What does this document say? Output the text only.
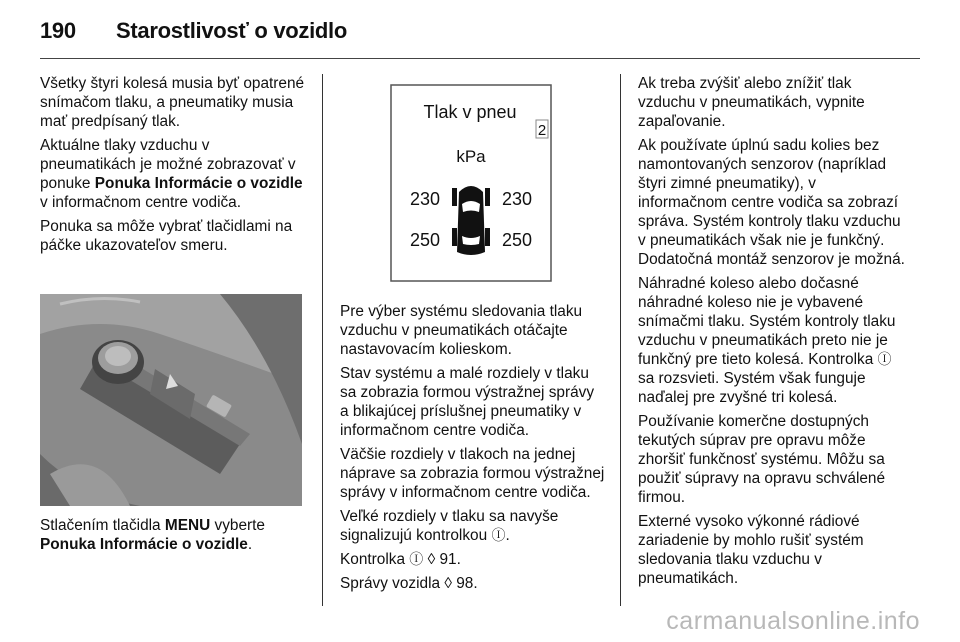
190 Starostlivosť o vozidlo

Všetky štyri kolesá musia byť opatrené snímačom tlaku, a pneumatiky musia mať predpísaný tlak.

Aktuálne tlaky vzduchu v pneumatikách je možné zobrazovať v ponuke Ponuka Informácie o vozidle v informačnom centre vodiča.

Ponuka sa môže vybrať tlačidlami na páčke ukazovateľov smeru.

Stlačením tlačidla MENU vyberte Ponuka Informácie o vozidle.
Tlak v pneu
2
kPa
230	230
250	250

Pre výber systému sledovania tlaku vzduchu v pneumatikách otáčajte nastavovacím kolieskom.

Stav systému a malé rozdiely v tlaku sa zobrazia formou výstražnej správy a blikajúcej príslušnej pneumatiky v informačnom centre vodiča.

Väčšie rozdiely v tlakoch na jednej náprave sa zobrazia formou výstražnej správy v informačnom centre vodiča.

Veľké rozdiely v tlaku sa navyše signalizujú kontrolkou Ⓘ.

Kontrolka Ⓘ ◊ 91.

Správy vozidla ◊ 98.

Ak treba zvýšiť alebo znížiť tlak vzduchu v pneumatikách, vypnite zapaľovanie.

Ak používate úplnú sadu kolies bez namontovaných senzorov (napríklad štyri zimné pneumatiky), v informačnom centre vodiča sa zobrazí správa. Systém kontroly tlaku vzduchu v pneumatikách však nie je funkčný. Dodatočná montáž senzorov je možná.

Náhradné koleso alebo dočasné náhradné koleso nie je vybavené snímačmi tlaku. Systém kontroly tlaku vzduchu v pneumatikách preto nie je funkčný pre tieto kolesá. Kontrolka Ⓘ sa rozsvieti. Systém však funguje naďalej pre zvyšné tri kolesá.

Používanie komerčne dostupných tekutých súprav pre opravu môže zhoršiť funkčnosť systému. Môžu sa použiť súpravy na opravu schválené firmou.

Externé vysoko výkonné rádiové zariadenie by mohlo rušiť systém sledovania tlaku vzduchu v pneumatikách.

carmanualsonline.info
